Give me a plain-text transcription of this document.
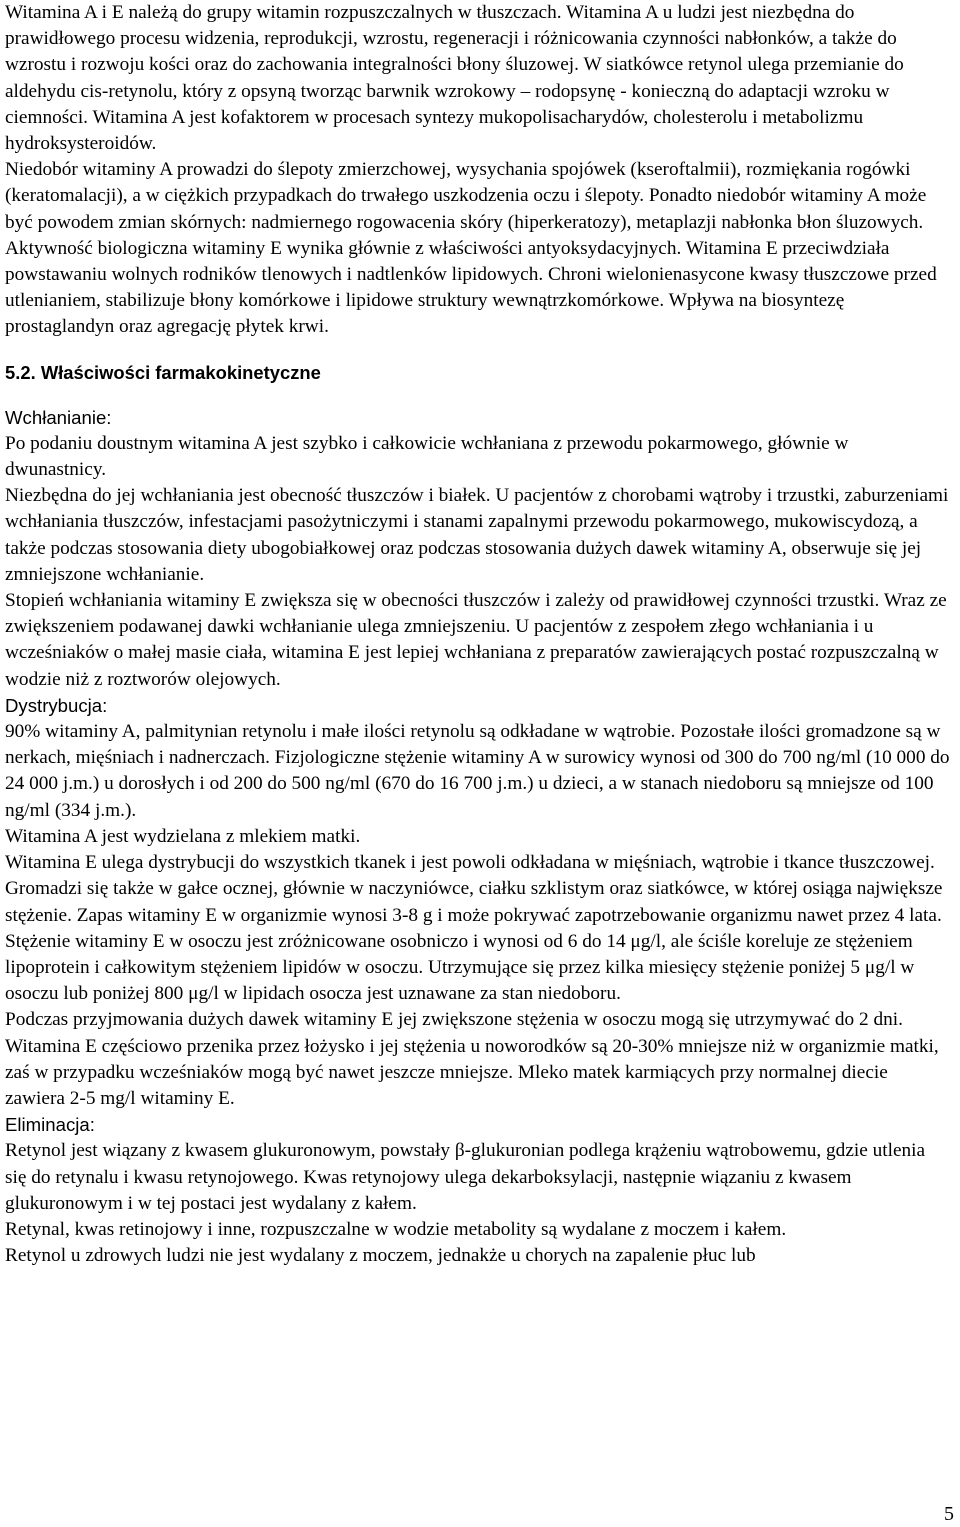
Witamina A i E należą do grupy witamin rozpuszczalnych w tłuszczach. Witamina A u ludzi jest niezbędna do prawidłowego procesu widzenia, reprodukcji, wzrostu, regeneracji i różnicowania czynności nabłonków, a także do wzrostu i rozwoju kości oraz do zachowania integralności błony śluzowej. W siatkówce retynol ulega przemianie do aldehydu cis-retynolu, który z opsyną tworząc barwnik wzrokowy – rodopsynę - konieczną do adaptacji wzroku w ciemności. Witamina A jest kofaktorem w procesach syntezy mukopolisacharydów, cholesterolu i metabolizmu hydroksysteroidów.

Niedobór witaminy A prowadzi do ślepoty zmierzchowej, wysychania spojówek (kseroftalmii), rozmiękania rogówki (keratomalacji), a w ciężkich przypadkach do trwałego uszkodzenia oczu i ślepoty. Ponadto niedobór witaminy A może być powodem zmian skórnych: nadmiernego rogowacenia skóry (hiperkeratozy), metaplazji nabłonka błon śluzowych.

Aktywność biologiczna witaminy E wynika głównie z właściwości antyoksydacyjnych. Witamina E przeciwdziała powstawaniu wolnych rodników tlenowych i nadtlenków lipidowych. Chroni wielonienasycone kwasy tłuszczowe przed utlenianiem, stabilizuje błony komórkowe i lipidowe struktury wewnątrzkomórkowe. Wpływa na biosyntezę prostaglandyn oraz agregację płytek krwi.

5.2. Właściwości farmakokinetyczne

Wchłanianie:

Po podaniu doustnym witamina A jest szybko i całkowicie wchłaniana z przewodu pokarmowego, głównie w dwunastnicy.

Niezbędna do jej wchłaniania jest obecność tłuszczów i białek. U pacjentów z chorobami wątroby i trzustki, zaburzeniami wchłaniania tłuszczów, infestacjami pasożytniczymi i stanami zapalnymi przewodu pokarmowego, mukowiscydozą, a także podczas stosowania diety ubogobiałkowej oraz podczas stosowania dużych dawek witaminy A, obserwuje się jej zmniejszone wchłanianie.

Stopień wchłaniania witaminy E zwiększa się w obecności tłuszczów i zależy od prawidłowej czynności trzustki. Wraz ze zwiększeniem podawanej dawki wchłanianie ulega zmniejszeniu. U pacjentów z zespołem złego wchłaniania i u wcześniaków o małej masie ciała, witamina E jest lepiej wchłaniana z preparatów zawierających postać rozpuszczalną w wodzie niż z roztworów olejowych.

Dystrybucja:

90% witaminy A, palmitynian retynolu i małe ilości retynolu są odkładane w wątrobie. Pozostałe ilości gromadzone są w nerkach, mięśniach i nadnerczach. Fizjologiczne stężenie witaminy A w surowicy wynosi od 300 do 700 ng/ml (10 000 do 24 000 j.m.) u dorosłych i od 200 do 500 ng/ml (670 do 16 700 j.m.) u dzieci, a w stanach niedoboru są mniejsze od 100 ng/ml (334 j.m.).

Witamina A jest wydzielana z mlekiem matki.

Witamina E ulega dystrybucji do wszystkich tkanek i jest powoli odkładana w mięśniach, wątrobie i tkance tłuszczowej. Gromadzi się także w gałce ocznej, głównie w naczyniówce, ciałku szklistym oraz siatkówce, w której osiąga największe stężenie. Zapas witaminy E w organizmie wynosi 3-8 g i może pokrywać zapotrzebowanie organizmu nawet przez 4 lata.

Stężenie witaminy E w osoczu jest zróżnicowane osobniczo i wynosi od 6 do 14 μg/l, ale ściśle koreluje ze stężeniem lipoprotein i całkowitym stężeniem lipidów w osoczu. Utrzymujące się przez kilka miesięcy stężenie poniżej 5 μg/l w osoczu lub poniżej 800 μg/l w lipidach osocza jest uznawane za stan niedoboru.

Podczas przyjmowania dużych dawek witaminy E jej zwiększone stężenia w osoczu mogą się utrzymywać do 2 dni.

Witamina E częściowo przenika przez łożysko i jej stężenia u noworodków są 20-30% mniejsze niż w organizmie matki, zaś w przypadku wcześniaków mogą być nawet jeszcze mniejsze. Mleko matek karmiących przy normalnej diecie zawiera 2-5 mg/l witaminy E.

Eliminacja:

Retynol jest wiązany z kwasem glukuronowym, powstały β-glukuronian podlega krążeniu wątrobowemu, gdzie utlenia się do retynalu i kwasu retynojowego. Kwas retynojowy ulega dekarboksylacji, następnie wiązaniu z kwasem glukuronowym i w tej postaci jest wydalany z kałem.

Retynal, kwas retinojowy i inne, rozpuszczalne w wodzie metabolity są wydalane z moczem i kałem.

Retynol u zdrowych ludzi nie jest wydalany z moczem, jednakże u chorych na zapalenie płuc lub

5
